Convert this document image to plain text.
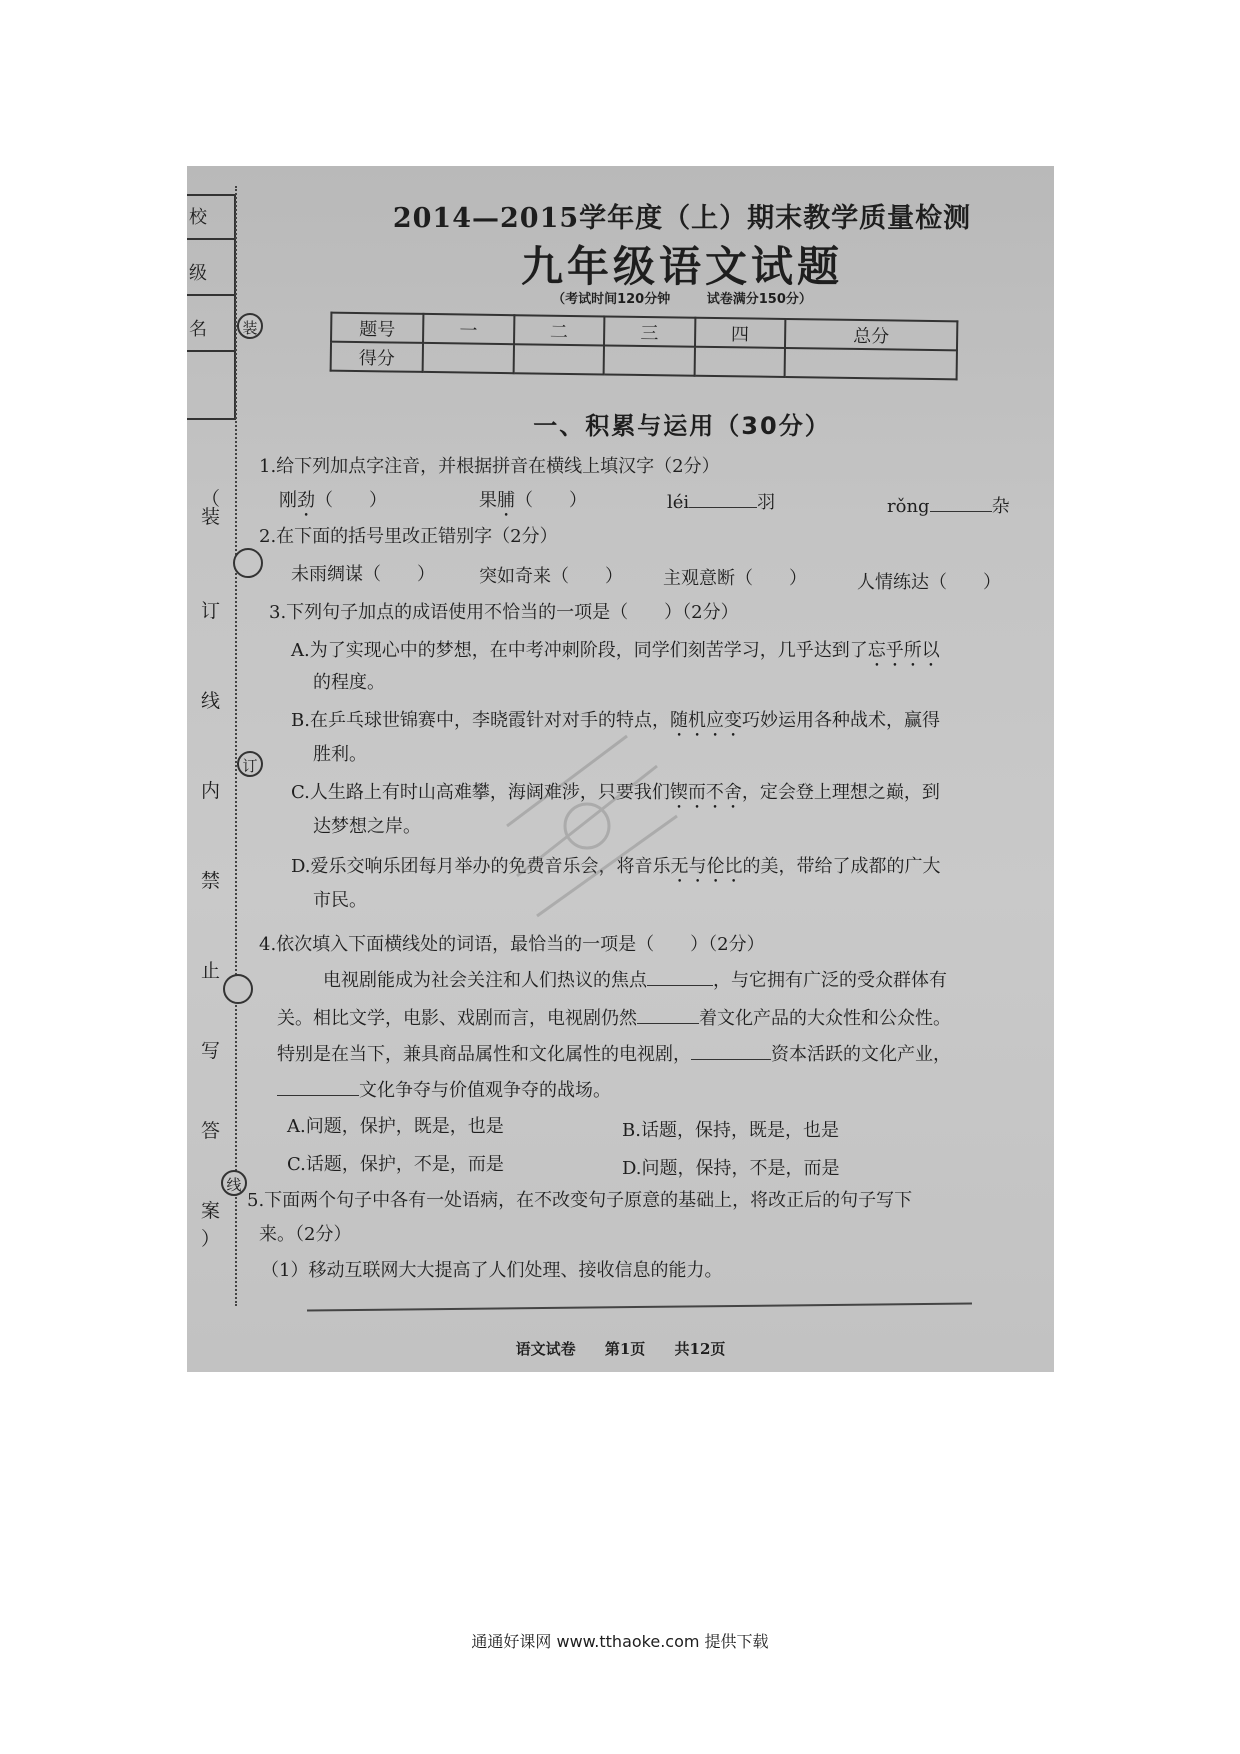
校
级
名	装
订
线
（
装
订
线
内
禁
止
写
答
案
）
2014—2015学年度（上）期末教学质量检测
九年级语文试题
（考试时间120分钟	试卷满分150分）
题号	一	二	三	四	总分
得分					
一、积累与运用（30分）
1.给下列加点字注音，并根据拼音在横线上填汉字（2分）
刚劲（　　）	果脯（　　）	léi	羽	rǒng	杂
2.在下面的括号里改正错别字（2分）
未雨绸谋（　　） 突如奇来（　　） 主观意断（　　）	人情练达（　　）
3.下列句子加点的成语使用不恰当的一项是（　　）（2分）
A.为了实现心中的梦想，在中考冲刺阶段，同学们刻苦学习，几乎达到了忘乎所以
的程度。
B.在乒乓球世锦赛中，李晓霞针对对手的特点，随机应变巧妙运用各种战术，赢得
胜利。
C.人生路上有时山高难攀，海阔难涉，只要我们锲而不舍，定会登上理想之巅，到
达梦想之岸。
D.爱乐交响乐团每月举办的免费音乐会，将音乐无与伦比的美，带给了成都的广大
市民。
4.依次填入下面横线处的词语，最恰当的一项是（　　）（2分）
电视剧能成为社会关注和人们热议的焦点	，与它拥有广泛的受众群体有
关。相比文学，电影、戏剧而言，电视剧仍然	着文化产品的大众性和公众性。
特别是在当下，兼具商品属性和文化属性的电视剧，	资本活跃的文化产业，
文化争夺与价值观争夺的战场。
A.问题，保护，既是，也是	B.话题，保持，既是，也是
C.话题，保护，不是，而是	D.问题，保持，不是，而是
5.下面两个句子中各有一处语病，在不改变句子原意的基础上，将改正后的句子写下
来。（2分）
（1）移动互联网大大提高了人们处理、接收信息的能力。
语文试卷 第1页 共12页
通通好课网 www.tthaoke.com 提供下载
